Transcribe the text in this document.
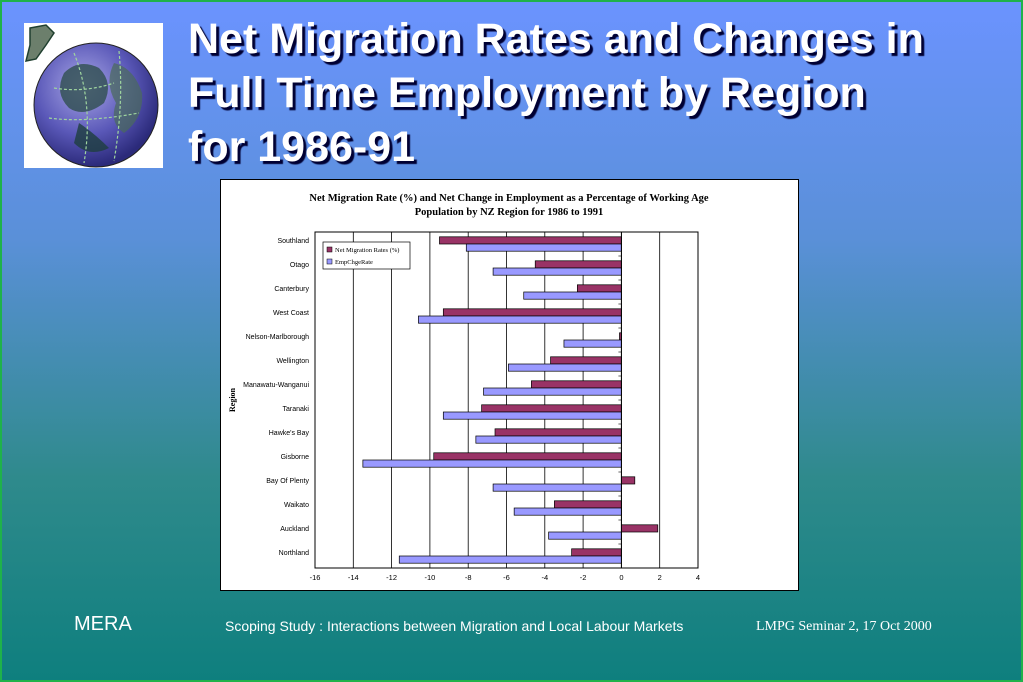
Net Migration Rates and Changes in
Full Time Employment by Region
for 1986-91
Net Migration Rate (%) and Net Change in Employment as a Percentage of Working Age
Population by NZ Region for 1986 to 1991
-16	-14	-12	-10	-8	-6	-4	-2	0	2	4
Region
Southland
Otago
Canterbury
West Coast
Nelson-Marlborough
Wellington
Manawatu-Wanganui
Taranaki
Hawke's Bay
Gisborne
Bay Of Plenty
Waikato
Auckland
Northland
Net Migration Rates (%)
EmpChgeRate
MERA	Scoping Study : Interactions between Migration and Local Labour Markets	LMPG Seminar 2, 17 Oct 2000
